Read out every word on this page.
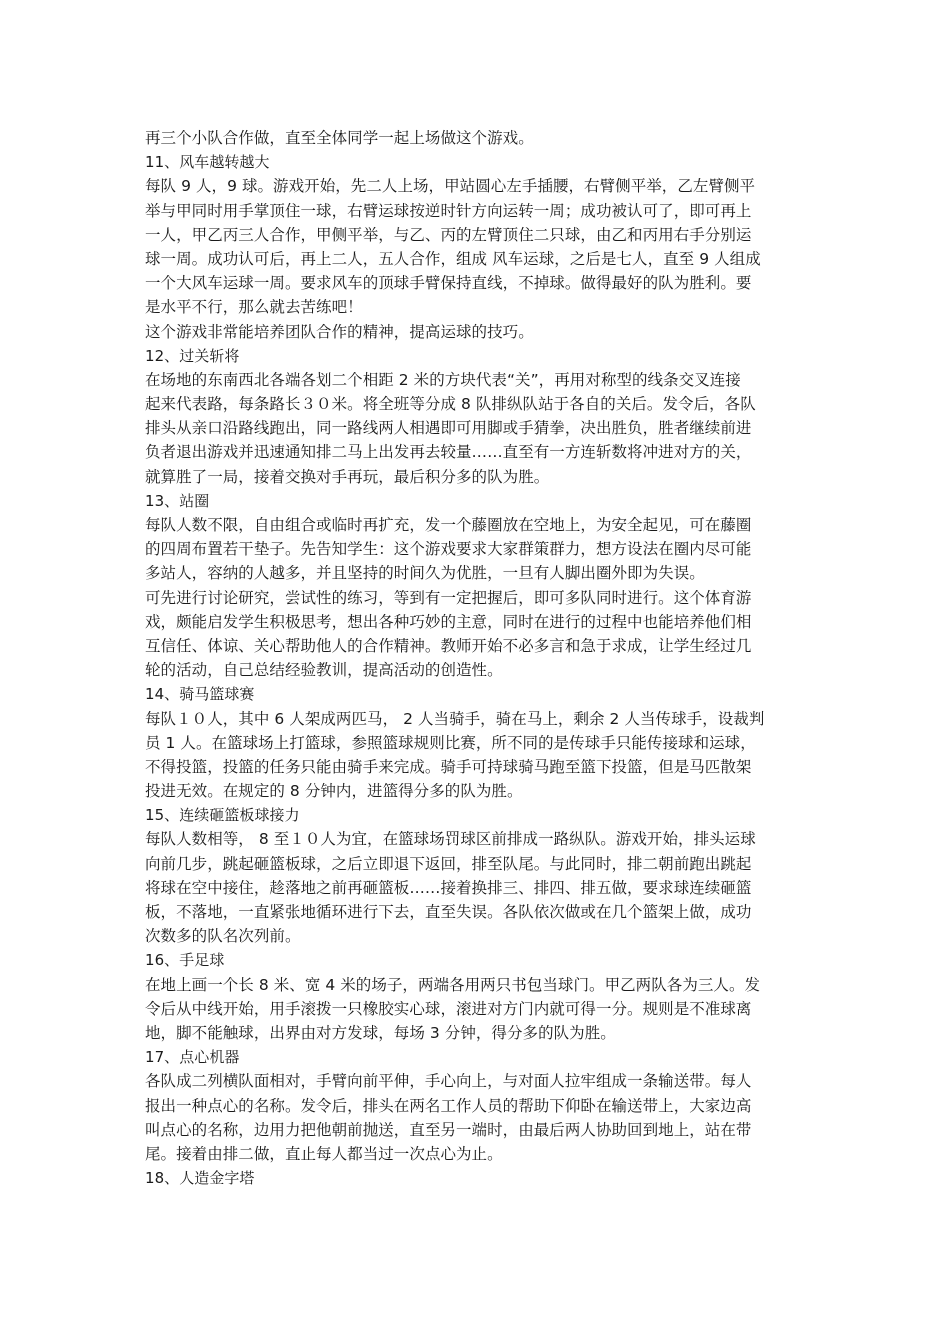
再三个小队合作做，直至全体同学一起上场做这个游戏。
11、风车越转越大
每队 9 人，9 球。游戏开始，先二人上场，甲站圆心左手插腰，右臂侧平举，乙左臂侧平
举与甲同时用手掌顶住一球，右臂运球按逆时针方向运转一周；成功被认可了，即可再上
一人，甲乙丙三人合作，甲侧平举，与乙、丙的左臂顶住二只球，由乙和丙用右手分别运
球一周。成功认可后，再上二人，五人合作，组成 风车运球，之后是七人，直至 9 人组成
一个大风车运球一周。要求风车的顶球手臂保持直线，不掉球。做得最好的队为胜利。要
是水平不行，那么就去苦练吧！
这个游戏非常能培养团队合作的精神，提高运球的技巧。
12、过关斩将
在场地的东南西北各端各划二个相距 2 米的方块代表“关”，再用对称型的线条交叉连接
起来代表路，每条路长３０米。将全班等分成 8 队排纵队站于各自的关后。发令后，各队
排头从亲口沿路线跑出，同一路线两人相遇即可用脚或手猜拳，决出胜负，胜者继续前进
负者退出游戏并迅速通知排二马上出发再去较量……直至有一方连斩数将冲进对方的关，
就算胜了一局，接着交换对手再玩，最后积分多的队为胜。
13、站圈
每队人数不限，自由组合或临时再扩充，发一个藤圈放在空地上，为安全起见，可在藤圈
的四周布置若干垫子。先告知学生：这个游戏要求大家群策群力，想方设法在圈内尽可能
多站人，容纳的人越多，并且坚持的时间久为优胜，一旦有人脚出圈外即为失误。
可先进行讨论研究，尝试性的练习，等到有一定把握后，即可多队同时进行。这个体育游
戏，颇能启发学生积极思考，想出各种巧妙的主意，同时在进行的过程中也能培养他们相
互信任、体谅、关心帮助他人的合作精神。教师开始不必多言和急于求成，让学生经过几
轮的活动，自己总结经验教训，提高活动的创造性。
14、骑马篮球赛
每队１０人，其中 6 人架成两匹马， 2 人当骑手，骑在马上，剩余 2 人当传球手，设裁判
员 1 人。在篮球场上打篮球，参照篮球规则比赛，所不同的是传球手只能传接球和运球，
不得投篮，投篮的任务只能由骑手来完成。骑手可持球骑马跑至篮下投篮，但是马匹散架
投进无效。在规定的 8 分钟内，进篮得分多的队为胜。
15、连续砸篮板球接力
每队人数相等， 8 至１０人为宜，在篮球场罚球区前排成一路纵队。游戏开始，排头运球
向前几步，跳起砸篮板球，之后立即退下返回，排至队尾。与此同时，排二朝前跑出跳起
将球在空中接住，趁落地之前再砸篮板……接着换排三、排四、排五做，要求球连续砸篮
板，不落地，一直紧张地循环进行下去，直至失误。各队依次做或在几个篮架上做，成功
次数多的队名次列前。
16、手足球
在地上画一个长 8 米、宽 4 米的场子，两端各用两只书包当球门。甲乙两队各为三人。发
令后从中线开始，用手滚拨一只橡胶实心球，滚进对方门内就可得一分。规则是不准球离
地，脚不能触球，出界由对方发球，每场 3 分钟，得分多的队为胜。
17、点心机器
各队成二列横队面相对，手臂向前平伸，手心向上，与对面人拉牢组成一条输送带。每人
报出一种点心的名称。发令后，排头在两名工作人员的帮助下仰卧在输送带上，大家边高
叫点心的名称，边用力把他朝前抛送，直至另一端时，由最后两人协助回到地上，站在带
尾。接着由排二做，直止每人都当过一次点心为止。
18、人造金字塔
